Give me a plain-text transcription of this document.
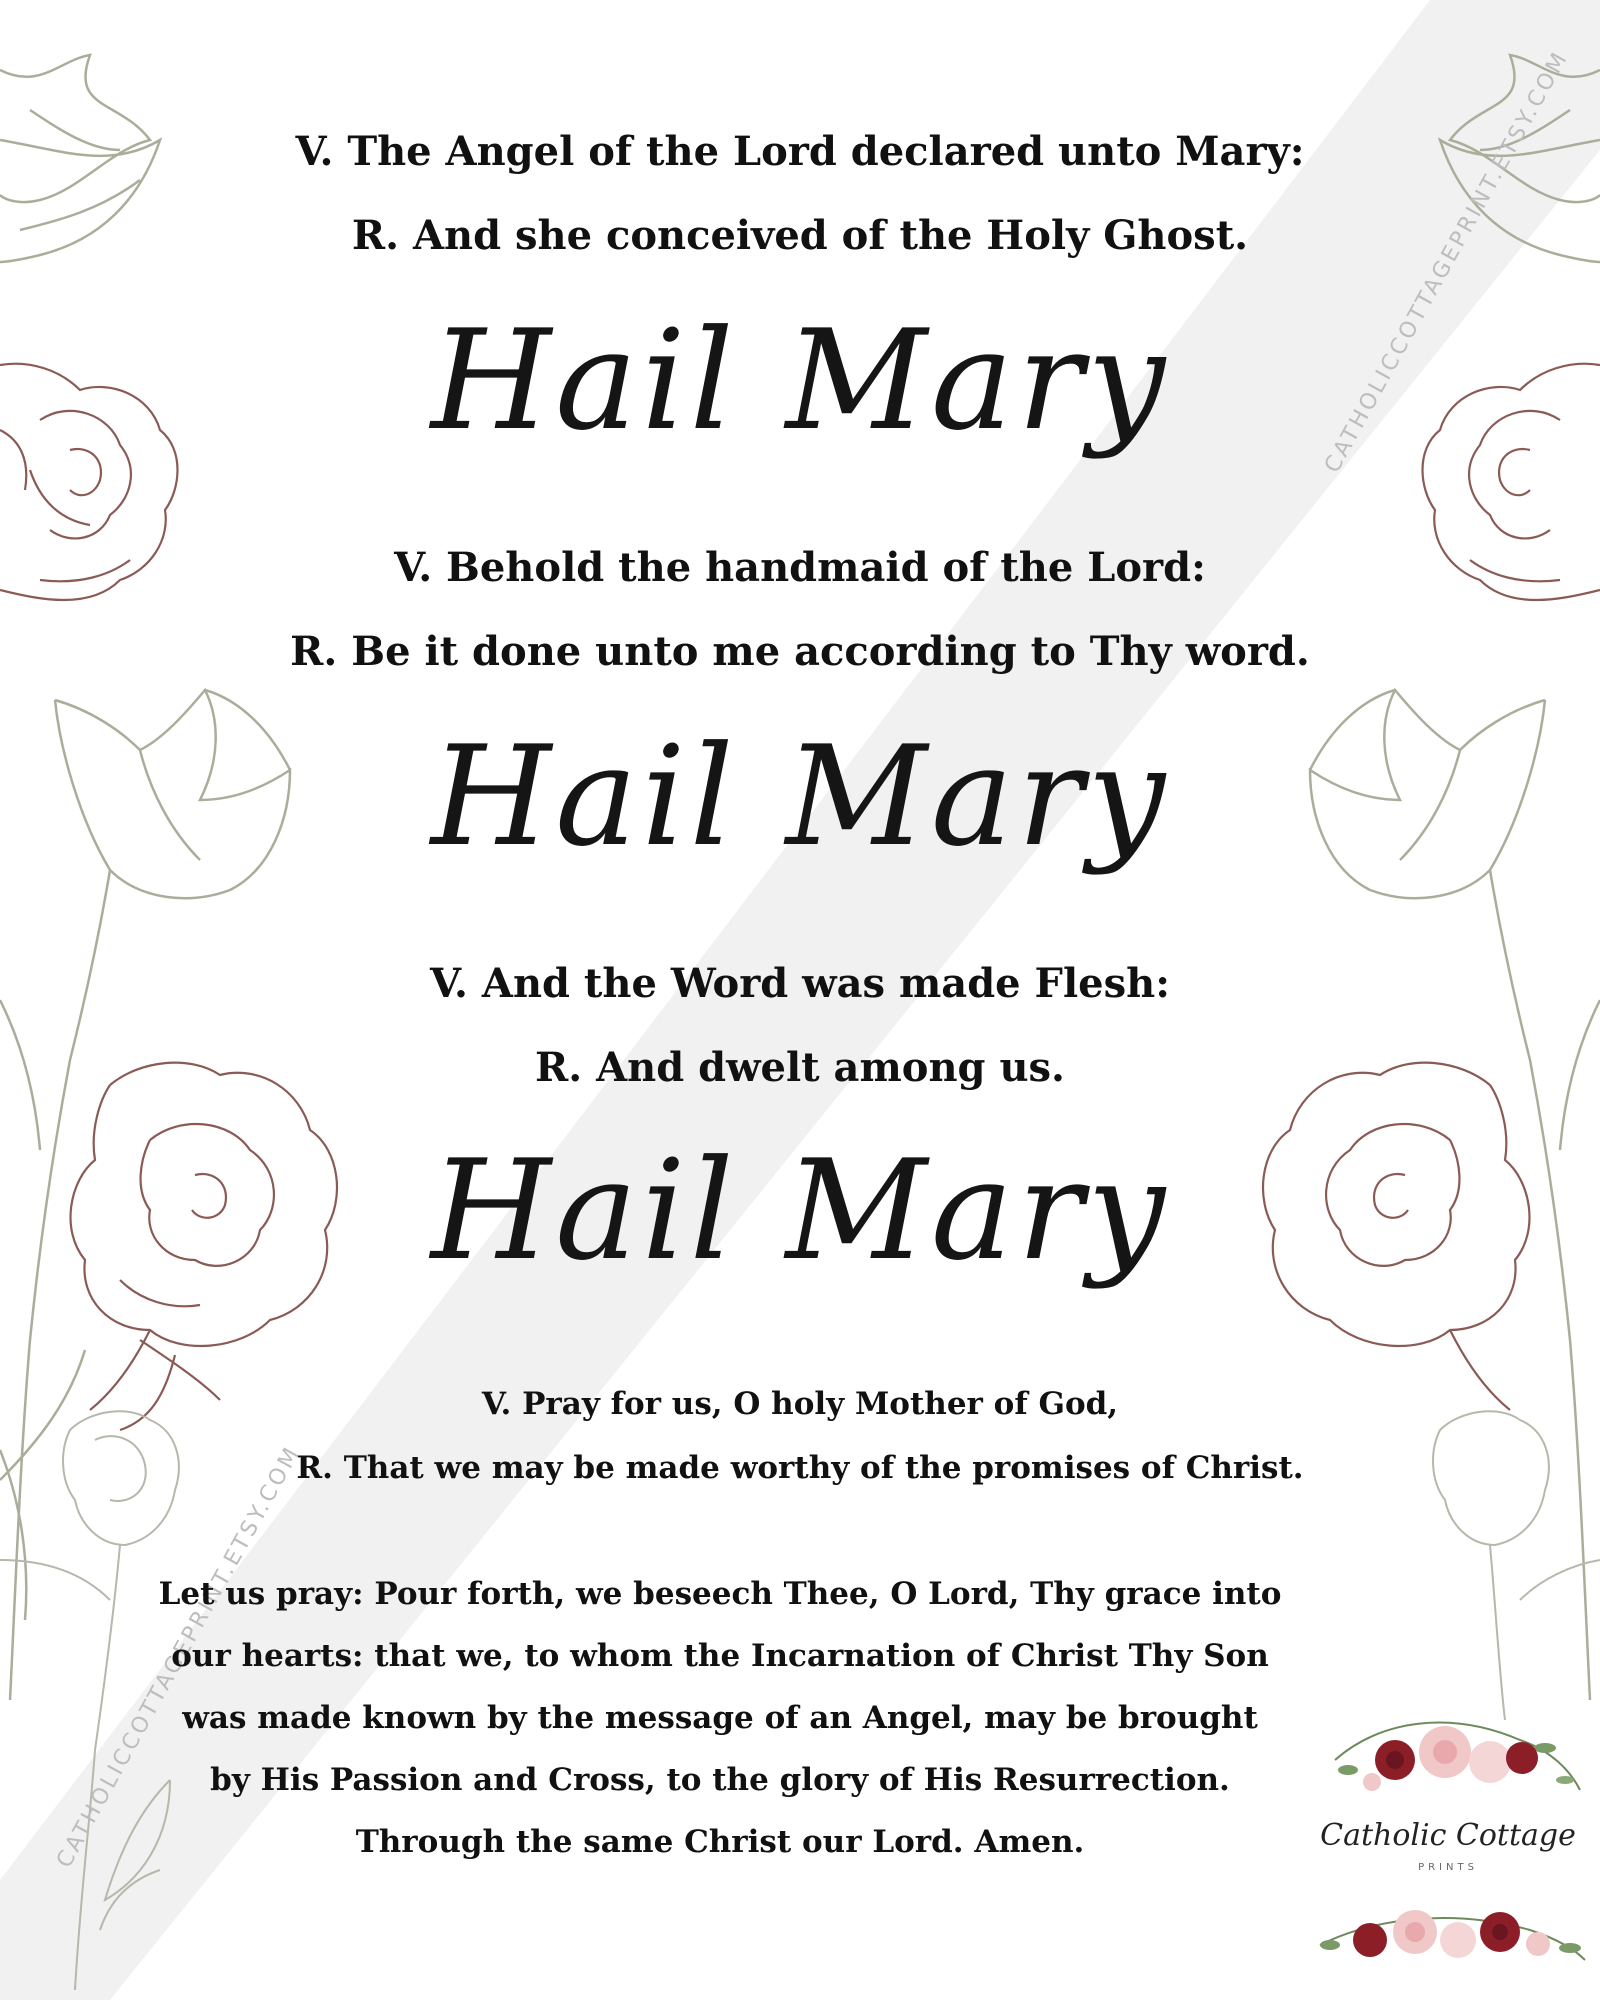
CATHOLICCOTTAGEPRINT.ETSY.COM
CATHOLICCOTTAGEPRINT.ETSY.COM
V. The Angel of the Lord declared unto Mary:
R. And she conceived of the Holy Ghost.
Hail Mary
V. Behold the handmaid of the Lord:
R. Be it done unto me according to Thy word.
Hail Mary
V. And the Word was made Flesh:
R. And dwelt among us.
Hail Mary
V. Pray for us, O holy Mother of God,
R. That we may be made worthy of the promises of Christ.
Let us pray: Pour forth, we beseech Thee, O Lord, Thy grace into
our hearts: that we, to whom the Incarnation of Christ Thy Son
was made known by the message of an Angel, may be brought
by His Passion and Cross, to the glory of His Resurrection.
Through the same Christ our Lord. Amen.	Catholic Cottage
PRINTS
